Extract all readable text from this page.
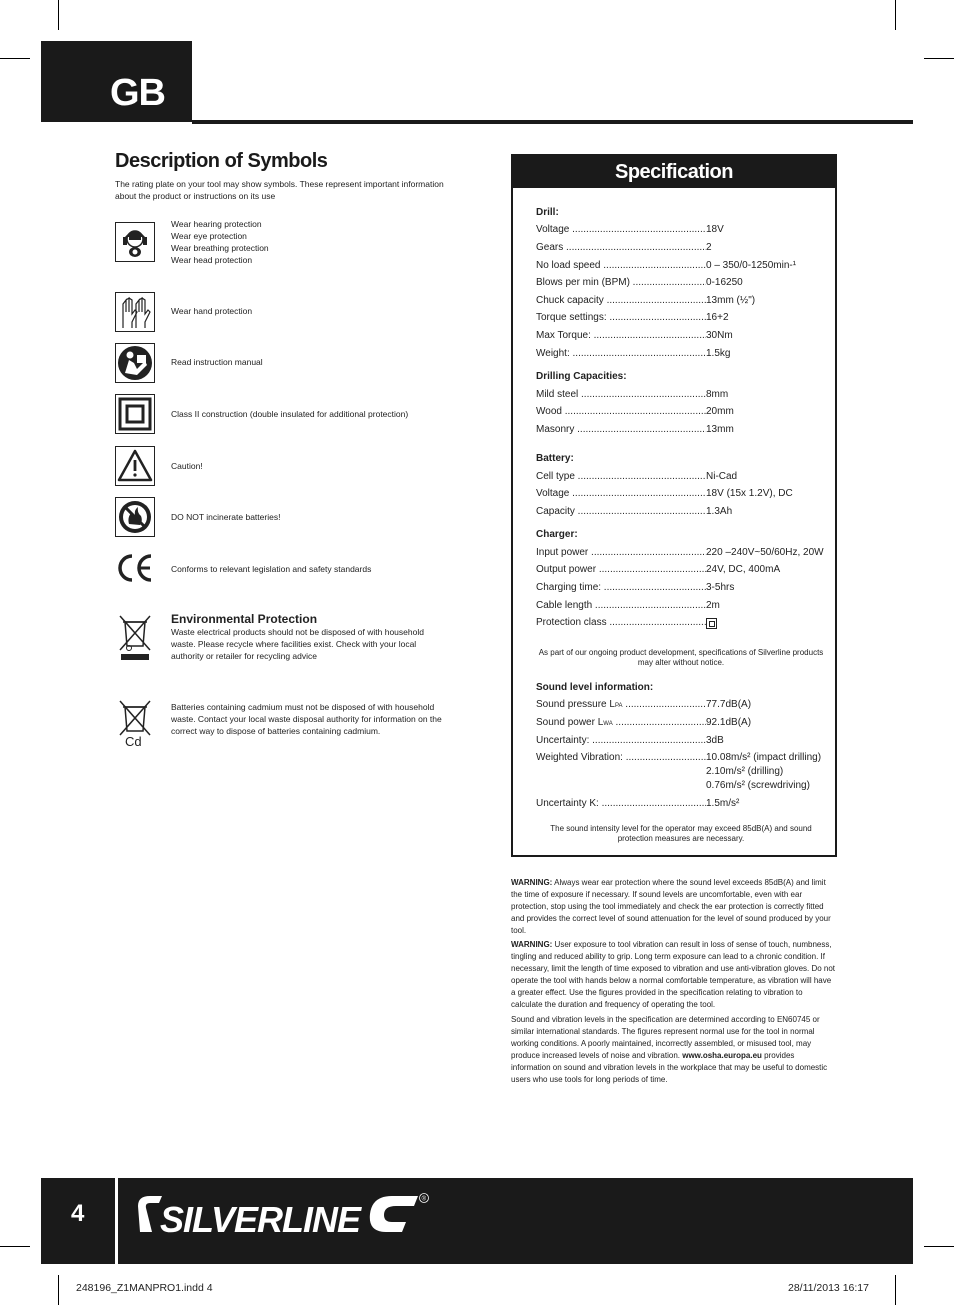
GB
Description of Symbols
The rating plate on your tool may show symbols. These represent important information about the product or instructions on its use
Wear hearing protection
Wear eye protection
Wear breathing protection
Wear head protection
Wear hand protection
Read instruction manual
Class II construction (double insulated for additional protection)
Caution!
DO NOT incinerate batteries!
Conforms to relevant legislation and safety standards
Environmental Protection
Waste electrical products should not be disposed of with household waste. Please recycle where facilities exist. Check with your local authority or retailer for recycling advice
Cd
Batteries containing cadmium must not be disposed of with household waste. Contact your local waste disposal authority for information on the correct way to dispose of batteries containing cadmium.
Specification
Drill:
Voltage .....	18V
Gears .....	2
No load speed .....	0 – 350/0-1250min-¹
Blows per min (BPM) .....	0-16250
Chuck capacity .....	13mm (½")
Torque settings: .....	16+2
Max Torque: .....	30Nm
Weight: .....	1.5kg
Drilling Capacities:
Mild steel .....	8mm
Wood .....	20mm
Masonry .....	13mm
Battery:
Cell type .....	Ni-Cad
Voltage .....	18V (15x 1.2V), DC
Capacity .....	1.3Ah
Charger:
Input power .....	220 –240V~50/60Hz, 20W
Output power .....	24V, DC, 400mA
Charging time: .....	3-5hrs
Cable length .....	2m
Protection class .....
As part of our ongoing product development, specifications of Silverline products may alter without notice.
Sound level information:
Sound pressure LPA .....	77.7dB(A)
Sound power LWA .....	92.1dB(A)
Uncertainty: .....	3dB
Weighted Vibration: .....	10.08m/s² (impact drilling)
2.10m/s² (drilling)
0.76m/s² (screwdriving)
Uncertainty K: .....	1.5m/s²
The sound intensity level for the operator may exceed 85dB(A) and sound protection measures are necessary.
WARNING: Always wear ear protection where the sound level exceeds 85dB(A) and limit the time of exposure if necessary. If sound levels are uncomfortable, even with ear protection, stop using the tool immediately and check the ear protection is correctly fitted and provides the correct level of sound attenuation for the level of sound produced by your tool.
WARNING: User exposure to tool vibration can result in loss of sense of touch, numbness, tingling and reduced ability to grip. Long term exposure can lead to a chronic condition. If necessary, limit the length of time exposed to vibration and use anti-vibration gloves. Do not operate the tool with hands below a normal comfortable temperature, as vibration will have a greater effect. Use the figures provided in the specification relating to vibration to calculate the duration and frequency of operating the tool.
Sound and vibration levels in the specification are determined according to EN60745 or similar international standards. The figures represent normal use for the tool in normal working conditions. A poorly maintained, incorrectly assembled, or misused tool, may produce increased levels of noise and vibration. www.osha.europa.eu provides information on sound and vibration levels in the workplace that may be useful to domestic users who use tools for long periods of time.
4 SILVERLINE	®
248196_Z1MANPRO1.indd 4	28/11/2013 16:17
